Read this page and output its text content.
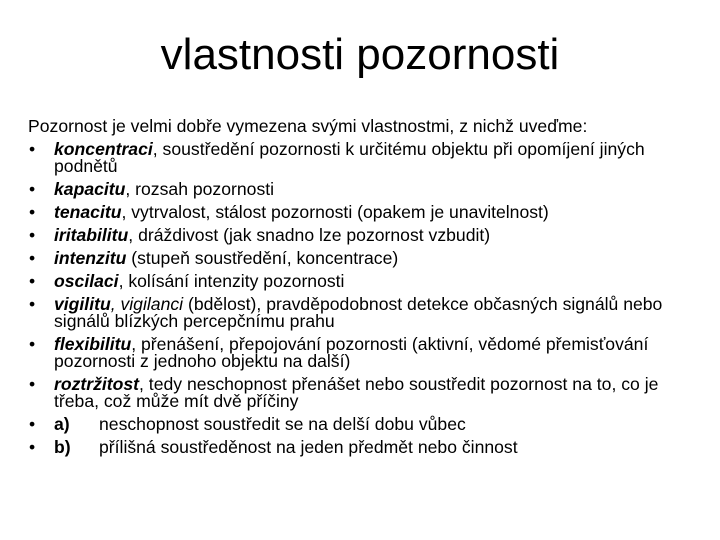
vlastnosti pozornosti

Pozornost je velmi dobře vymezena svými vlastnostmi, z nichž uveďme:

• koncentraci, soustředění pozornosti k určitému objektu při opomíjení jiných podnětů
• kapacitu, rozsah pozornosti
• tenacitu, vytrvalost, stálost pozornosti (opakem je unavitelnost)
• iritabilitu, dráždivost (jak snadno lze pozornost vzbudit)
• intenzitu (stupeň soustředění, koncentrace)
• oscilaci, kolísání intenzity pozornosti
• vigilitu, vigilanci (bdělost), pravděpodobnost detekce občasných signálů nebo signálů blízkých percepčnímu prahu
• flexibilitu, přenášení, přepojování pozornosti (aktivní, vědomé přemisťování pozornosti z jednoho objektu na další)
• roztržitost, tedy neschopnost přenášet nebo soustředit pozornost na to, co je třeba, což může mít dvě příčiny
• a) neschopnost soustředit se na delší dobu vůbec
• b) přílišná soustředěnost na jeden předmět nebo činnost
